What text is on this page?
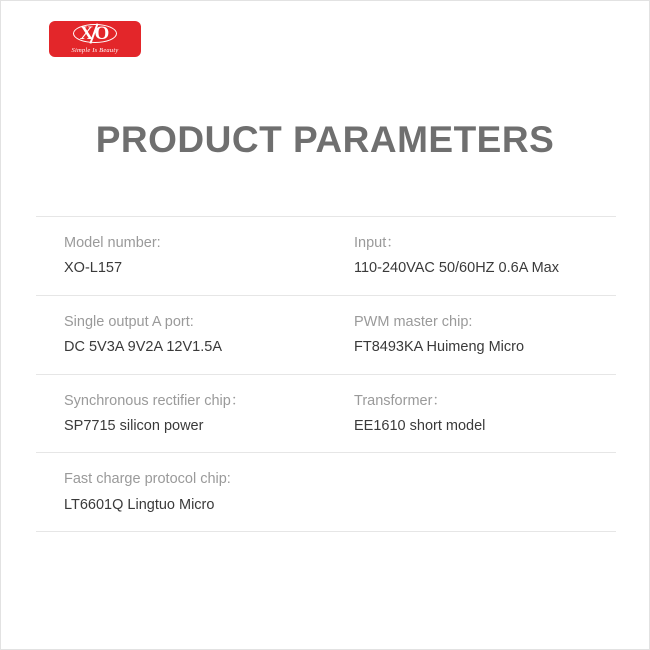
XO
Simple Is Beauty
PRODUCT PARAMETERS
Model number:
XO-L157
Input：
110-240VAC 50/60HZ 0.6A Max
Single output A port:
DC 5V3A 9V2A 12V1.5A
PWM master chip:
FT8493KA Huimeng Micro
Synchronous rectifier chip：
SP7715 silicon power
Transformer：
EE1610 short model
Fast charge protocol chip:
LT6601Q Lingtuo Micro
